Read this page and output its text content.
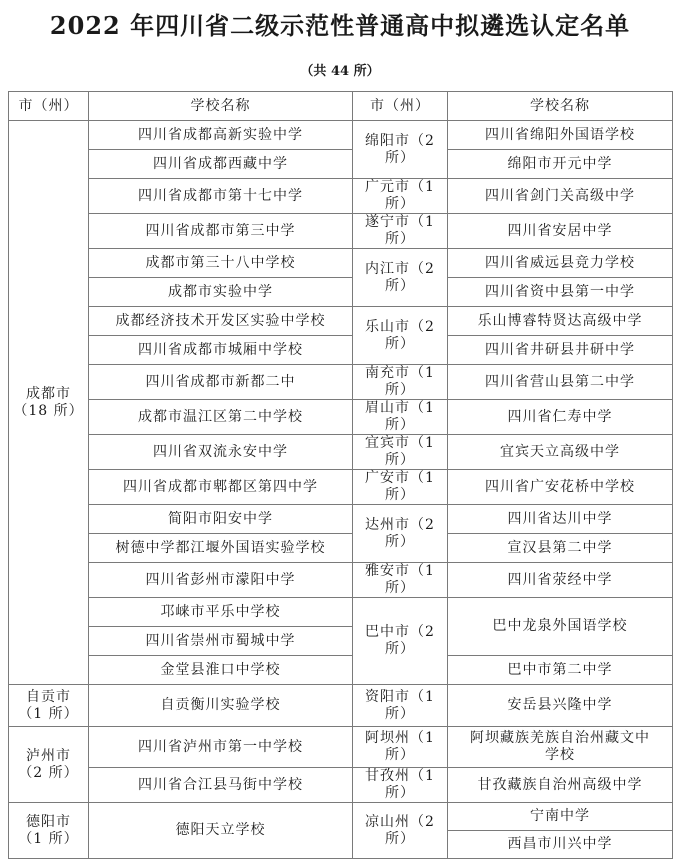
2022 年四川省二级示范性普通高中拟遴选认定名单
（共 44 所）
市（州）	学校名称	市（州）	学校名称
成都市
（18 所）	四川省成都高新实验中学	绵阳市（2 所）	四川省绵阳外国语学校
	四川省成都西藏中学		绵阳市开元中学
	四川省成都市第十七中学	广元市（1 所）	四川省剑门关高级中学
	四川省成都市第三中学	遂宁市（1 所）	四川省安居中学
	成都市第三十八中学校	内江市（2 所）	四川省威远县竞力学校
	成都市实验中学		四川省资中县第一中学
	成都经济技术开发区实验中学校	乐山市（2 所）	乐山博睿特贤达高级中学
	四川省成都市城厢中学校		四川省井研县井研中学
	四川省成都市新都二中	南充市（1 所）	四川省营山县第二中学
	成都市温江区第二中学校	眉山市（1 所）	四川省仁寿中学
	四川省双流永安中学	宜宾市（1 所）	宜宾天立高级中学
	四川省成都市郫都区第四中学	广安市（1 所）	四川省广安花桥中学校
	简阳市阳安中学	达州市（2 所）	四川省达川中学
	树德中学都江堰外国语实验学校		宣汉县第二中学
	四川省彭州市濛阳中学	雅安市（1 所）	四川省荥经中学
	邛崃市平乐中学校	巴中市（2 所）	巴中龙泉外国语学校
	四川省崇州市蜀城中学		
	金堂县淮口中学校		巴中市第二中学
自贡市
（1 所）	自贡衡川实验学校	资阳市（1 所）	安岳县兴隆中学
泸州市
（2 所）	四川省泸州市第一中学校	阿坝州（1 所）	阿坝藏族羌族自治州藏文中学校
	四川省合江县马街中学校	甘孜州（1 所）	甘孜藏族自治州高级中学
德阳市
（1 所）	德阳天立学校	凉山州（2 所）	宁南中学
			西昌市川兴中学
